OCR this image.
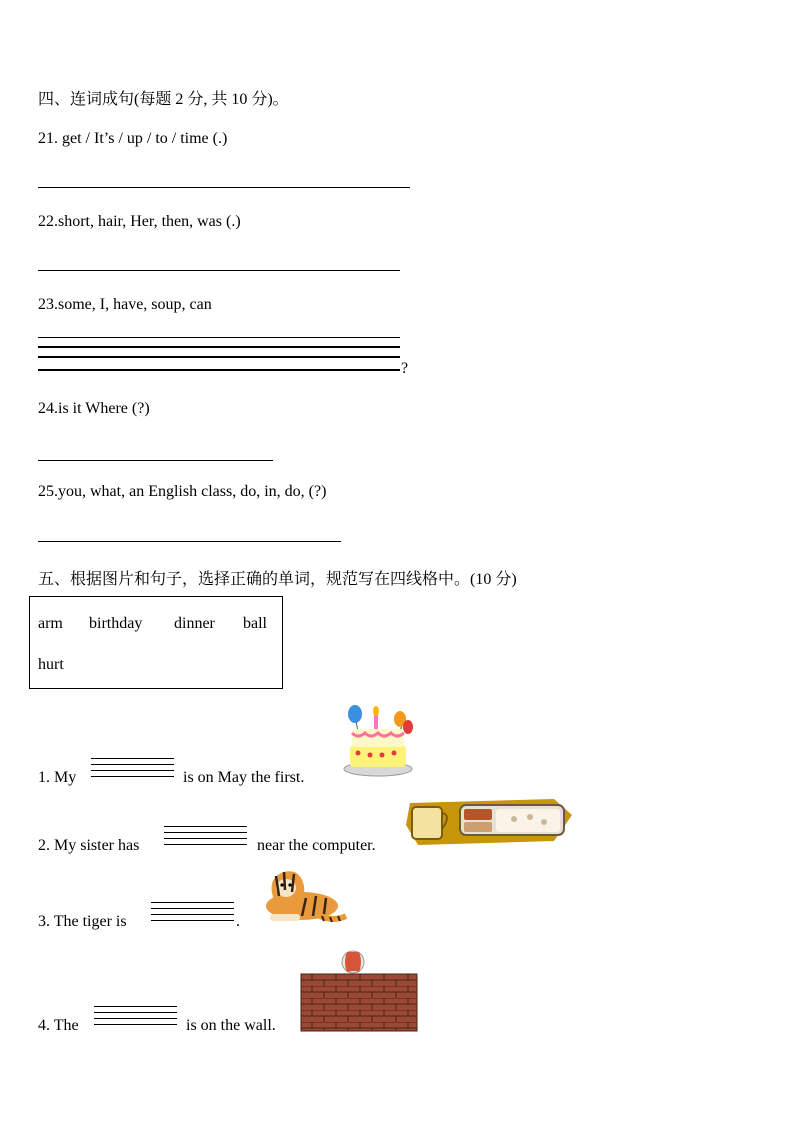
四、连词成句(每题 2 分, 共 10 分)。
21. get / It’s / up / to / time (.)
22.short, hair, Her, then, was (.)
23.some, I, have, soup, can
?
24.is it Where (?)
25.you, what, an English class, do, in, do, (?)
五、根据图片和句子，选择正确的单词，规范写在四线格中。(10 分)
arm birthday dinner ball
hurt
1. My	is on May the first.
2. My sister has	near the computer.
3. The tiger is	.
4. The	is on the wall.
